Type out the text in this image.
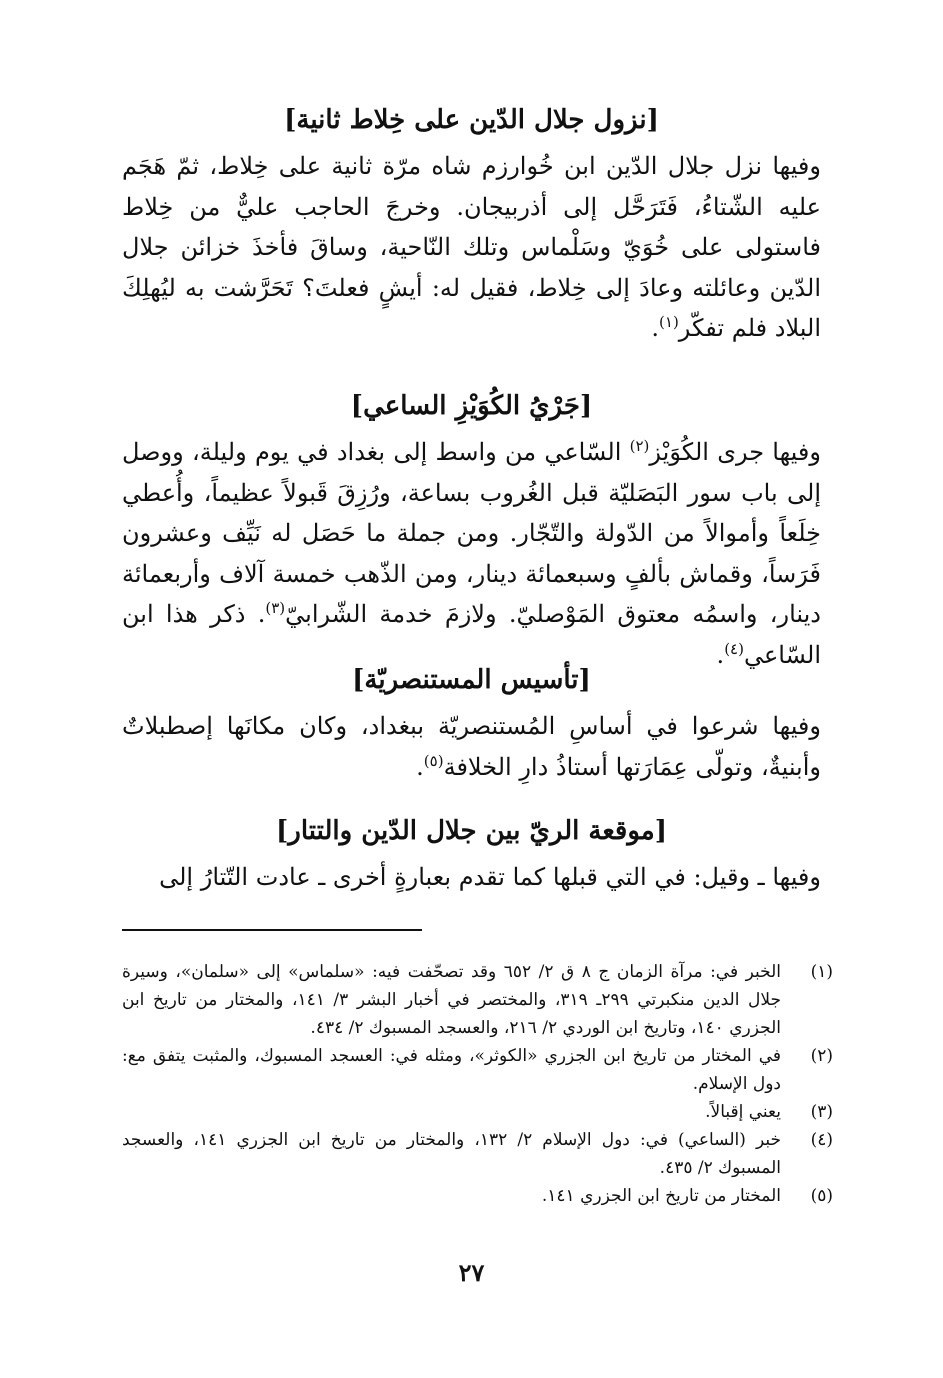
[نزول جلال الدّين على خِلاط ثانية]

وفيها نزل جلال الدّين ابن خُوارزم شاه مرّة ثانية على خِلاط، ثمّ هَجَم عليه الشّتاءُ، فَتَرَحَّل إلى أذربيجان. وخرجَ الحاجب عليٌّ من خِلاط فاستولى على خُوَيّ وسَلْماس وتلك النّاحية، وساقَ فأخذَ خزائن جلال الدّين وعائلته وعادَ إلى خِلاط، فقيل له: أيشٍ فعلتَ؟ تَحَرَّشت به ليُهلِكَ البلاد فلم تفكّر$^{(١)}$.

[جَرْيُ الكُوَيْزِ الساعي]

وفيها جرى الكُوَيْز$^{(٢)}$ السّاعي من واسط إلى بغداد في يوم وليلة، ووصل إلى باب سور البَصَليّة قبل الغُروب بساعة، ورُزِقَ قَبولاً عظيماً، وأُعطي خِلَعاً وأموالاً من الدّولة والتّجّار. ومن جملة ما حَصَل له نَيِّف وعشرون فَرَساً، وقماش بألفٍ وسبعمائة دينار، ومن الذّهب خمسة آلاف وأربعمائة دينار، واسمُه معتوق المَوْصليّ. ولازمَ خدمة الشّرابيّ$^{(٣)}$. ذكر هذا ابن السّاعي$^{(٤)}$.

[تأسيس المستنصريّة]

وفيها شرعوا في أساسِ المُستنصريّة ببغداد، وكان مكانَها إصطبلاتٌ وأبنيةٌ، وتولّى عِمَارَتها أستاذُ دارِ الخلافة$^{(٥)}$.

[موقعة الريّ بين جلال الدّين والتتار]

وفيها ـ وقيل: في التي قبلها كما تقدم بعبارةٍ أخرى ـ عادت التّتارُ إلى

(١)
الخبر في: مرآة الزمان ج ٨ ق ٢/ ٦٥٢ وقد تصحّفت فيه: «سلماس» إلى «سلمان»، وسيرة جلال الدين منكبرتي ٢٩٩ـ ٣١٩، والمختصر في أخبار البشر ٣/ ١٤١، والمختار من تاريخ ابن الجزري ١٤٠، وتاريخ ابن الوردي ٢/ ٢١٦، والعسجد المسبوك ٢/ ٤٣٤.
(٢)
في المختار من تاريخ ابن الجزري «الكوثر»، ومثله في: العسجد المسبوك، والمثبت يتفق مع: دول الإسلام.
(٣)
يعني إقبالاً.
(٤)
خبر (الساعي) في: دول الإسلام ٢/ ١٣٢، والمختار من تاريخ ابن الجزري ١٤١، والعسجد المسبوك ٢/ ٤٣٥.
(٥)
المختار من تاريخ ابن الجزري ١٤١.
٢٧
